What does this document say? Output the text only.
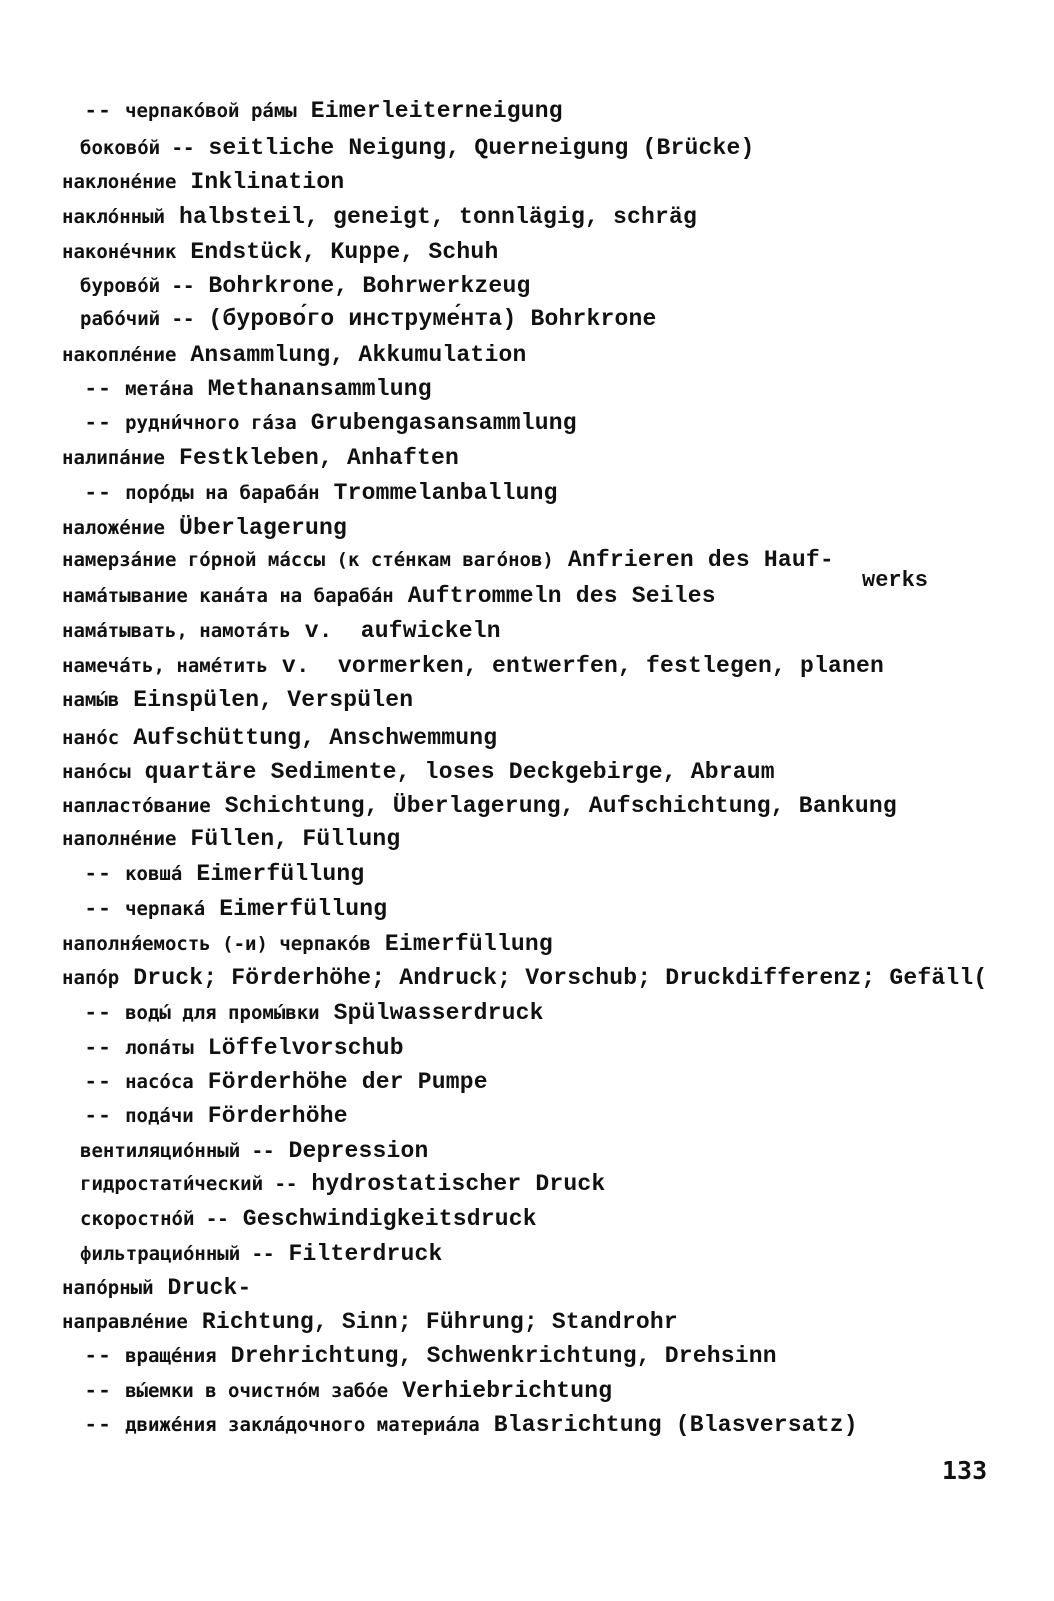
-- черпако́вой ра́мы Eimerleiterneigung
боково́й -- seitliche Neigung, Querneigung (Brücke)
наклоне́ние Inklination
накло́нный halbsteil, geneigt, tonnlägig, schräg
наконе́чник Endstück, Kuppe, Schuh
бурово́й -- Bohrkrone, Bohrwerkzeug
рабо́чий -- (бурово́го инструме́нта) Bohrkrone
накопле́ние Ansammlung, Akkumulation
-- мета́на Methanansammlung
-- рудни́чного га́за Grubengasansammlung
налипа́ние Festkleben, Anhaften
-- поро́ды на бараба́н Trommelanballung
наложе́ние Überlagerung
намерза́ние го́рной ма́ссы (к сте́нкам ваго́нов) Anfrieren des Hauf-
werks
нама́тывание кана́та на бараба́н Auftrommeln des Seiles
нама́тывать, намота́ть v.  aufwickeln
намеча́ть, наме́тить v.  vormerken, entwerfen, festlegen, planen
намы́в Einspülen, Verspülen
нано́с Aufschüttung, Anschwemmung
нано́сы quartäre Sedimente, loses Deckgebirge, Abraum
напласто́вание Schichtung, Überlagerung, Aufschichtung, Bankung
наполне́ние Füllen, Füllung
-- ковша́ Eimerfüllung
-- черпака́ Eimerfüllung
наполня́емость (-и) черпако́в Eimerfüllung
напо́р Druck; Förderhöhe; Andruck; Vorschub; Druckdifferenz; Gefäll(
-- воды́ для промы́вки Spülwasserdruck
-- лопа́ты Löffelvorschub
-- насо́са Förderhöhe der Pumpe
-- пода́чи Förderhöhe
вентиляцио́нный -- Depression
гидростати́ческий -- hydrostatischer Druck
скоростно́й -- Geschwindigkeitsdruck
фильтрацио́нный -- Filterdruck
напо́рный Druck-
направле́ние Richtung, Sinn; Führung; Standrohr
-- враще́ния Drehrichtung, Schwenkrichtung, Drehsinn
-- вы́емки в очистно́м забо́е Verhiebrichtung
-- движе́ния закла́дочного материа́ла Blasrichtung (Blasversatz)
133
